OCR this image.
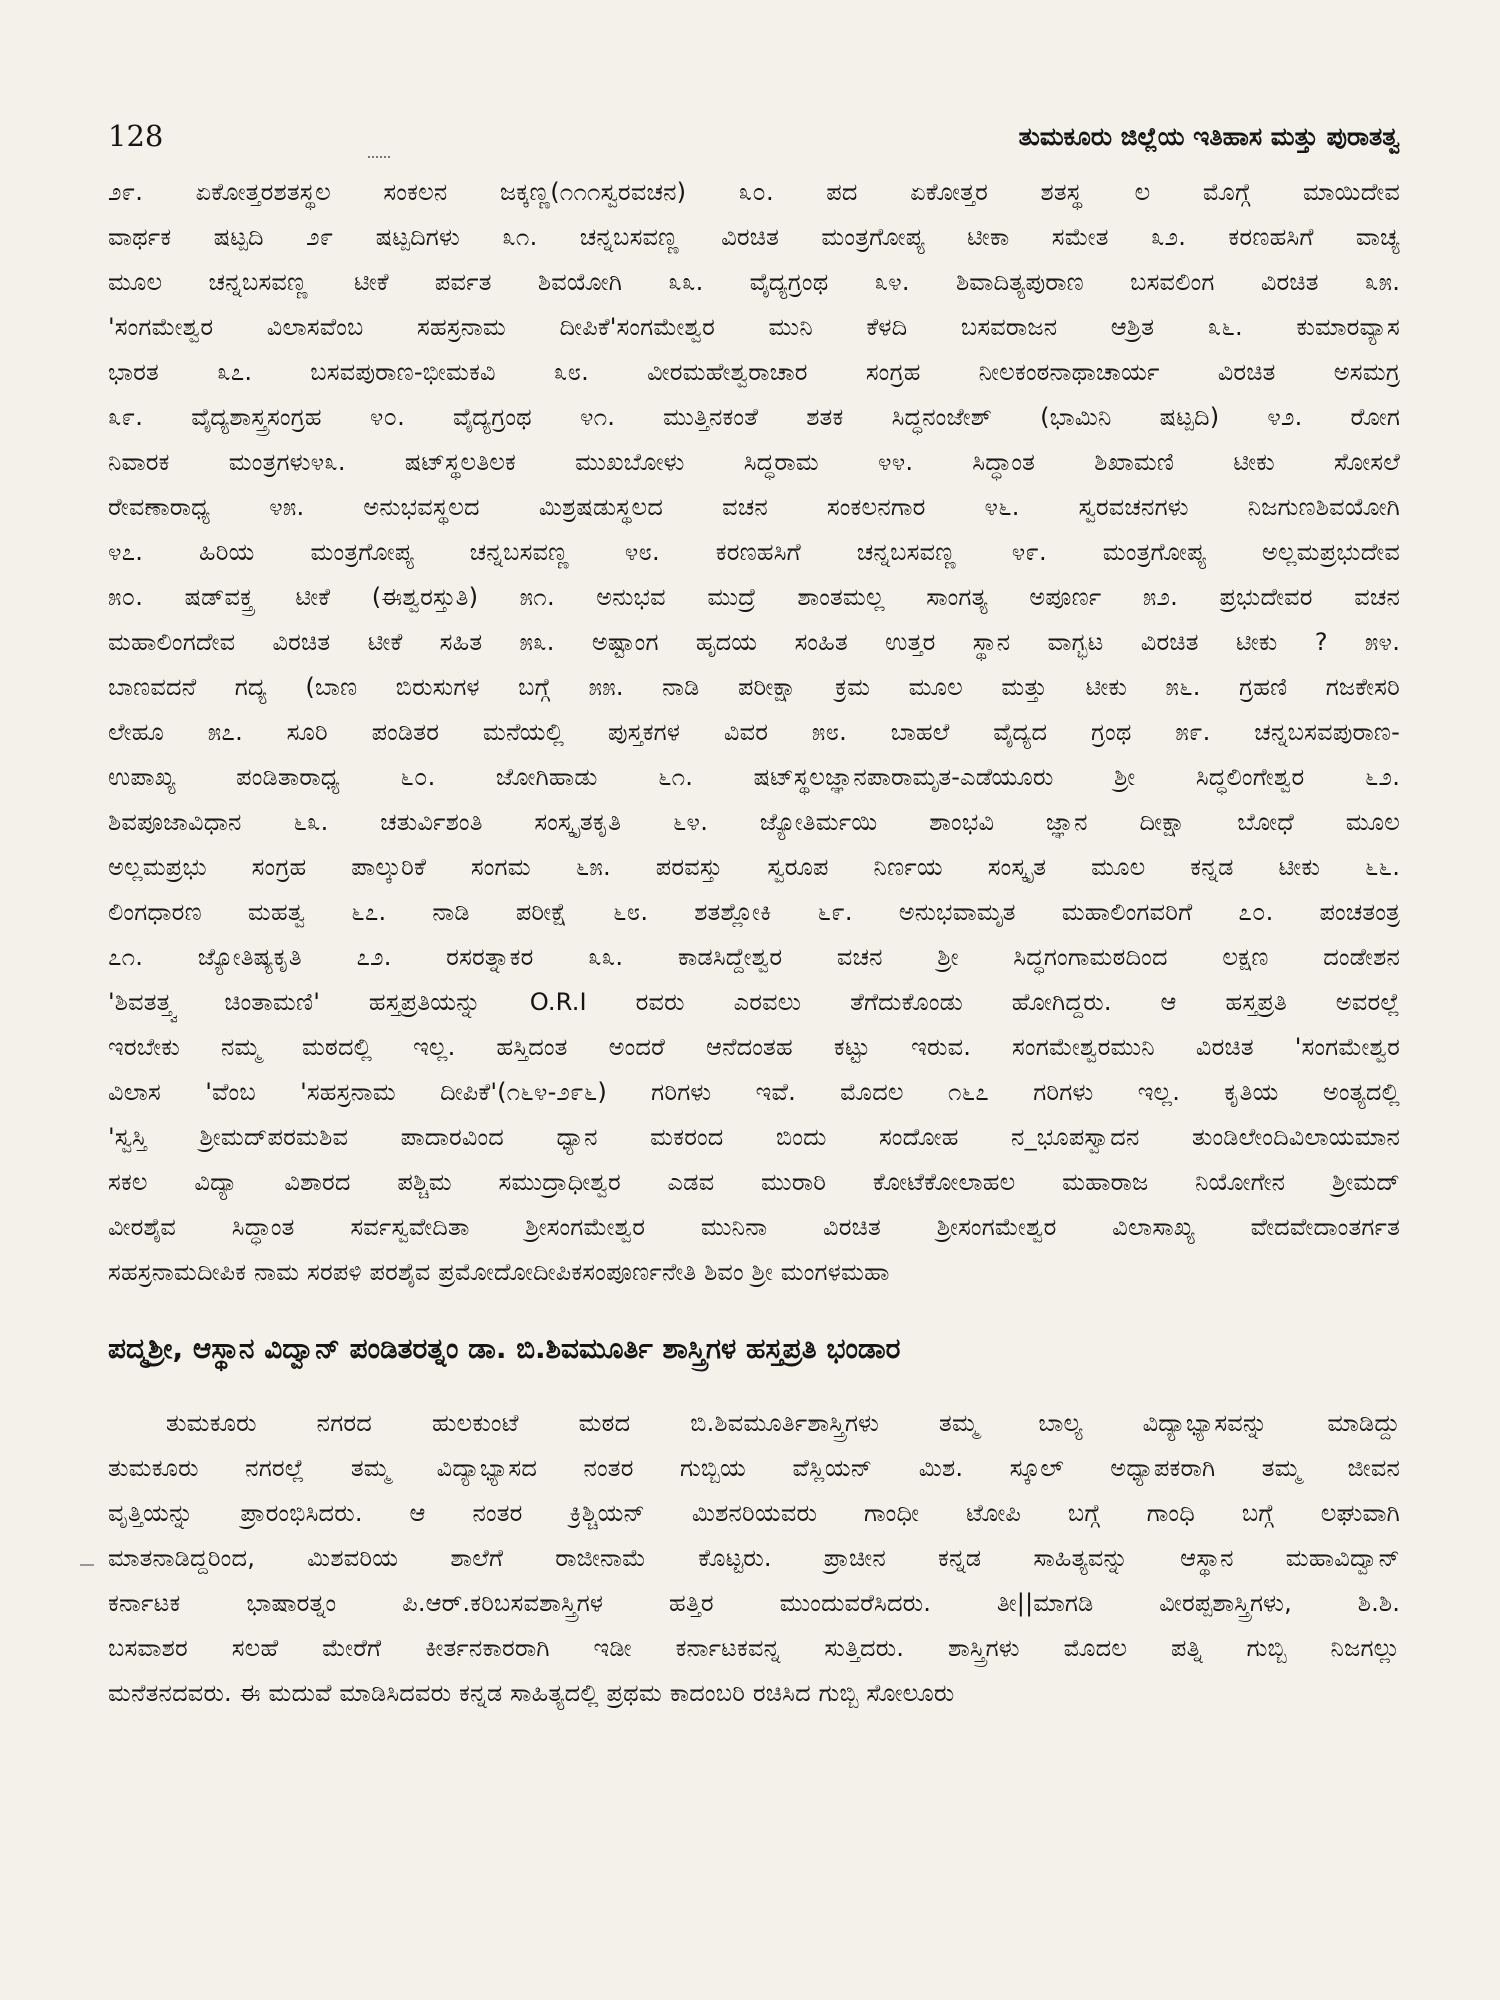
128	ತುಮಕೂರು ಜಿಲ್ಲೆಯ ಇತಿಹಾಸ ಮತ್ತು ಪುರಾತತ್ವ
೨೯. ಏಕೋತ್ತರಶತಸ್ಥಲ ಸಂಕಲನ ಜಕ್ಕಣ್ಣ(೧೧೧ಸ್ವರವಚನ) ೩೦. ಪದ ಏಕೋತ್ತರ ಶತಸ್ಥ ಲ ಮೊಗ್ಗೆ ಮಾಯಿದೇವ
ವಾರ್ಥಕ ಷಟ್ಪದಿ ೨೯ ಷಟ್ಪದಿಗಳು ೩೧. ಚನ್ನಬಸವಣ್ಣ ವಿರಚಿತ ಮಂತ್ರಗೋಪ್ಯ ಟೀಕಾ ಸಮೇತ ೩೨. ಕರಣಹಸಿಗೆ ವಾಚ್ಯ
ಮೂಲ ಚನ್ನಬಸವಣ್ಣ ಟೀಕೆ ಪರ್ವತ ಶಿವಯೋಗಿ ೩೩. ವೈದ್ಯಗ್ರಂಥ ೩೪. ಶಿವಾದಿತ್ಯಪುರಾಣ ಬಸವಲಿಂಗ ವಿರಚಿತ ೩೫.
'ಸಂಗಮೇಶ್ವರ ವಿಲಾಸವೆಂಬ ಸಹಸ್ರನಾಮ ದೀಪಿಕೆ'ಸಂಗಮೇಶ್ವರ ಮುನಿ ಕೆಳದಿ ಬಸವರಾಜನ ಆಶ್ರಿತ ೩೬. ಕುಮಾರವ್ಯಾಸ
ಭಾರತ ೩೭. ಬಸವಪುರಾಣ-ಭೀಮಕವಿ ೩೮. ವೀರಮಹೇಶ್ವರಾಚಾರ ಸಂಗ್ರಹ ನೀಲಕಂಠನಾಥಾಚಾರ್ಯ ವಿರಚಿತ ಅಸಮಗ್ರ
೩೯. ವೈದ್ಯಶಾಸ್ತ್ರಸಂಗ್ರಹ ೪೦. ವೈದ್ಯಗ್ರಂಥ ೪೧. ಮುತ್ತಿನಕಂತೆ ಶತಕ ಸಿದ್ಧನಂಜೇಶ್ (ಭಾಮಿನಿ ಷಟ್ಪದಿ) ೪೨. ರೋಗ
ನಿವಾರಕ ಮಂತ್ರಗಳು೪೩. ಷಟ್‌ಸ್ಥಲತಿಲಕ ಮುಖಬೋಳು ಸಿದ್ಧರಾಮ ೪೪. ಸಿದ್ಧಾಂತ ಶಿಖಾಮಣಿ ಟೀಕು ಸೋಸಲೆ
ರೇವಣಾರಾಧ್ಯ ೪೫. ಅನುಭವಸ್ಥಲದ ಮಿಶ್ರಷಡುಸ್ಥಲದ ವಚನ ಸಂಕಲನಗಾರ ೪೬. ಸ್ವರವಚನಗಳು ನಿಜಗುಣಶಿವಯೋಗಿ
೪೭. ಹಿರಿಯ ಮಂತ್ರಗೋಪ್ಯ ಚನ್ನಬಸವಣ್ಣ ೪೮. ಕರಣಹಸಿಗೆ ಚನ್ನಬಸವಣ್ಣ ೪೯. ಮಂತ್ರಗೋಪ್ಯ ಅಲ್ಲಮಪ್ರಭುದೇವ
೫೦. ಷಡ್‌ವಕ್ತ್ರ ಟೀಕೆ (ಈಶ್ವರಸ್ತುತಿ) ೫೧. ಅನುಭವ ಮುದ್ರೆ ಶಾಂತಮಲ್ಲ ಸಾಂಗತ್ಯ ಅಪೂರ್ಣ ೫೨. ಪ್ರಭುದೇವರ ವಚನ
ಮಹಾಲಿಂಗದೇವ ವಿರಚಿತ ಟೀಕೆ ಸಹಿತ ೫೩. ಅಷ್ಟಾಂಗ ಹೃದಯ ಸಂಹಿತ ಉತ್ತರ ಸ್ಥಾನ ವಾಗ್ಭಟ ವಿರಚಿತ ಟೀಕು ? ೫೪.
ಬಾಣವದನೆ ಗದ್ಯ (ಬಾಣ ಬಿರುಸುಗಳ ಬಗ್ಗೆ ೫೫. ನಾಡಿ ಪರೀಕ್ಷಾ ಕ್ರಮ ಮೂಲ ಮತ್ತು ಟೀಕು ೫೬. ಗ್ರಹಣಿ ಗಜಕೇಸರಿ
ಲೇಹೂ ೫೭. ಸೂರಿ ಪಂಡಿತರ ಮನೆಯಲ್ಲಿ ಪುಸ್ತಕಗಳ ವಿವರ ೫೮. ಬಾಹಲೆ ವೈದ್ಯದ ಗ್ರಂಥ ೫೯. ಚನ್ನಬಸವಪುರಾಣ-
ಉಪಾಖ್ಯ ಪಂಡಿತಾರಾಧ್ಯ ೬೦. ಜೋಗಿಹಾಡು ೬೧. ಷಟ್‌ಸ್ಥಲಜ್ಞಾನಪಾರಾಮೃತ-ಎಡೆಯೂರು ಶ್ರೀ ಸಿದ್ಧಲಿಂಗೇಶ್ವರ ೬೨.
ಶಿವಪೂಜಾವಿಧಾನ ೬೩. ಚತುರ್ವಿಶಂತಿ ಸಂಸ್ಕೃತಕೃತಿ ೬೪. ಜ್ಯೋತಿರ್ಮಯಿ ಶಾಂಭವಿ ಜ್ಞಾನ ದೀಕ್ಷಾ ಬೋಧೆ ಮೂಲ
ಅಲ್ಲಮಪ್ರಭು ಸಂಗ್ರಹ ಪಾಲ್ಕುರಿಕೆ ಸಂಗಮ ೬೫. ಪರವಸ್ತು ಸ್ವರೂಪ ನಿರ್ಣಯ ಸಂಸ್ಕೃತ ಮೂಲ ಕನ್ನಡ ಟೀಕು ೬೬.
ಲಿಂಗಧಾರಣ ಮಹತ್ವ ೬೭. ನಾಡಿ ಪರೀಕ್ಷೆ ೬೮. ಶತಶ್ಲೋಕಿ ೬೯. ಅನುಭವಾಮೃತ ಮಹಾಲಿಂಗವರಿಗೆ ೭೦. ಪಂಚತಂತ್ರ
೭೧. ಜ್ಯೋತಿಷ್ಯಕೃತಿ ೭೨. ರಸರತ್ನಾಕರ ೩೩. ಕಾಡಸಿದ್ದೇಶ್ವರ ವಚನ ಶ್ರೀ ಸಿದ್ಧಗಂಗಾಮಠದಿಂದ ಲಕ್ಷಣ ದಂಡೇಶನ
'ಶಿವತತ್ತ್ವ ಚಿಂತಾಮಣಿ' ಹಸ್ತಪ್ರತಿಯನ್ನು O.R.I ರವರು ಎರವಲು ತೆಗೆದುಕೊಂಡು ಹೋಗಿದ್ದರು. ಆ ಹಸ್ತಪ್ರತಿ ಅವರಲ್ಲೆ
ಇರಬೇಕು ನಮ್ಮ ಮಠದಲ್ಲಿ ಇಲ್ಲ. ಹಸ್ತಿದಂತ ಅಂದರೆ ಆನೆದಂತಹ ಕಟ್ಟು ಇರುವ. ಸಂಗಮೇಶ್ವರಮುನಿ ವಿರಚಿತ 'ಸಂಗಮೇಶ್ವರ
ವಿಲಾಸ 'ವೆಂಬ 'ಸಹಸ್ರನಾಮ ದೀಪಿಕೆ'(೧೬೪-೨೯೬) ಗರಿಗಳು ಇವೆ. ಮೊದಲ ೧೬೭ ಗರಿಗಳು ಇಲ್ಲ. ಕೃತಿಯ ಅಂತ್ಯದಲ್ಲಿ
'ಸ್ವಸ್ತಿ ಶ್ರೀಮದ್‌ಪರಮಶಿವ ಪಾದಾರವಿಂದ ಧ್ಯಾನ ಮಕರಂದ ಬಿಂದು ಸಂದೋಹ ನ_ಭೂಪಸ್ವಾದನ ತುಂಡಿಲೇಂದಿವಿಲಾಯಮಾನ
ಸಕಲ ವಿದ್ಯಾ ವಿಶಾರದ ಪಶ್ಚಿಮ ಸಮುದ್ರಾಧೀಶ್ವರ ಎಡವ ಮುರಾರಿ ಕೋಟೆಕೋಲಾಹಲ ಮಹಾರಾಜ ನಿಯೋಗೇನ ಶ್ರೀಮದ್
ವೀರಶೈವ ಸಿದ್ಧಾಂತ ಸರ್ವಸ್ವವೇದಿತಾ ಶ್ರೀಸಂಗಮೇಶ್ವರ ಮುನಿನಾ ವಿರಚಿತ ಶ್ರೀಸಂಗಮೇಶ್ವರ ವಿಲಾಸಾಖ್ಯ ವೇದವೇದಾಂತರ್ಗತ
ಸಹಸ್ರನಾಮದೀಪಿಕ ನಾಮ ಸರಪಳಿ ಪರಶೈವ ಪ್ರಮೋದೋದೀಪಿಕಸಂಪೂರ್ಣನೇತಿ ಶಿವಂ ಶ್ರೀ ಮಂಗಳಮಹಾ
ಪದ್ಮಶ್ರೀ, ಆಸ್ಥಾನ ವಿದ್ವಾನ್ ಪಂಡಿತರತ್ನಂ ಡಾ. ಬಿ.ಶಿವಮೂರ್ತಿ ಶಾಸ್ತ್ರಿಗಳ ಹಸ್ತಪ್ರತಿ ಭಂಡಾರ
ತುಮಕೂರು ನಗರದ ಹುಲಕುಂಟೆ ಮಠದ ಬಿ.ಶಿವಮೂರ್ತಿಶಾಸ್ತ್ರಿಗಳು ತಮ್ಮ ಬಾಲ್ಯ ವಿದ್ಯಾಭ್ಯಾಸವನ್ನು ಮಾಡಿದ್ದು
ತುಮಕೂರು ನಗರಲ್ಲೆ ತಮ್ಮ ವಿದ್ಯಾಭ್ಯಾಸದ ನಂತರ ಗುಬ್ಬಿಯ ವೆಸ್ಲಿಯನ್ ಮಿಶ. ಸ್ಕೂಲ್‌ ಅಧ್ಯಾಪಕರಾಗಿ ತಮ್ಮ ಜೀವನ
ವೃತ್ತಿಯನ್ನು ಪ್ರಾರಂಭಿಸಿದರು. ಆ ನಂತರ ಕ್ರಿಶ್ಚಿಯನ್ ಮಿಶನರಿಯವರು ಗಾಂಧೀ ಟೋಪಿ ಬಗ್ಗೆ ಗಾಂಧಿ ಬಗ್ಗೆ ಲಘುವಾಗಿ
ಮಾತನಾಡಿದ್ದರಿಂದ, ಮಿಶವರಿಯ ಶಾಲೆಗೆ ರಾಜೀನಾಮೆ ಕೊಟ್ಟರು. ಪ್ರಾಚೀನ ಕನ್ನಡ ಸಾಹಿತ್ಯವನ್ನು ಆಸ್ಥಾನ ಮಹಾವಿದ್ವಾನ್
ಕರ್ನಾಟಕ ಭಾಷಾರತ್ನಂ ಪಿ.ಆರ್.ಕರಿಬಸವಶಾಸ್ತ್ರಿಗಳ ಹತ್ತಿರ ಮುಂದುವರೆಸಿದರು. ತೀ||ಮಾಗಡಿ ವೀರಪ್ಪಶಾಸ್ತ್ರಿಗಳು, ಶಿ.ಶಿ.
ಬಸವಾಶರ ಸಲಹೆ ಮೇರೆಗೆ ಕೀರ್ತನಕಾರರಾಗಿ ಇಡೀ ಕರ್ನಾಟಕವನ್ನ ಸುತ್ತಿದರು. ಶಾಸ್ತ್ರಿಗಳು ಮೊದಲ ಪತ್ನಿ ಗುಬ್ಬಿ ನಿಜಗಲ್ಲು
ಮನೆತನದವರು. ಈ ಮದುವೆ ಮಾಡಿಸಿದವರು ಕನ್ನಡ ಸಾಹಿತ್ಯದಲ್ಲಿ ಪ್ರಥಮ ಕಾದಂಬರಿ ರಚಿಸಿದ ಗುಬ್ಬಿ ಸೋಲೂರು
